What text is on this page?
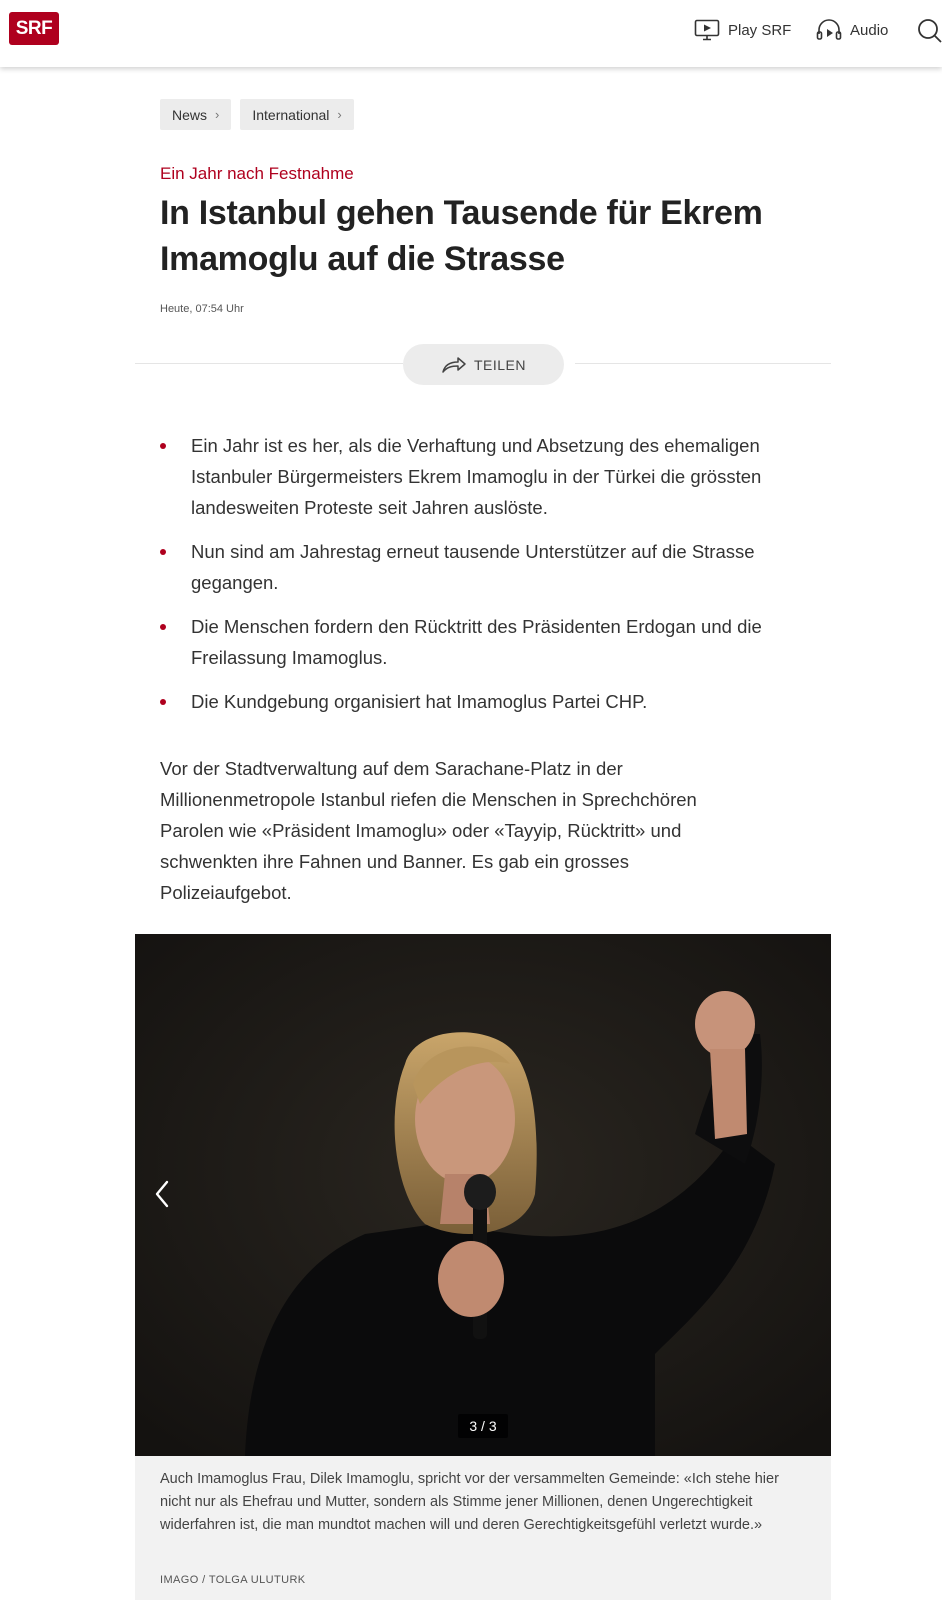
SRF	Play SRF	Audio
News › International ›
Ein Jahr nach Festnahme
In Istanbul gehen Tausende für Ekrem Imamoglu auf die Strasse
Heute, 07:54 Uhr
TEILEN
Ein Jahr ist es her, als die Verhaftung und Absetzung des ehemaligen Istanbuler Bürgermeisters Ekrem Imamoglu in der Türkei die grössten landesweiten Proteste seit Jahren auslöste.
Nun sind am Jahrestag erneut tausende Unterstützer auf die Strasse gegangen.
Die Menschen fordern den Rücktritt des Präsidenten Erdogan und die Freilassung Imamoglus.
Die Kundgebung organisiert hat Imamoglus Partei CHP.

Vor der Stadtverwaltung auf dem Sarachane-Platz in der Millionenmetropole Istanbul riefen die Menschen in Sprechchören Parolen wie «Präsident Imamoglu» oder «Tayyip, Rücktritt» und schwenkten ihre Fahnen und Banner. Es gab ein grosses Polizeiaufgebot.

3 / 3

Auch Imamoglus Frau, Dilek Imamoglu, spricht vor der versammelten Gemeinde: «Ich stehe hier nicht nur als Ehefrau und Mutter, sondern als Stimme jener Millionen, denen Ungerechtigkeit widerfahren ist, die man mundtot machen will und deren Gerechtigkeitsgefühl verletzt wurde.»

IMAGO / TOLGA ULUTURK
